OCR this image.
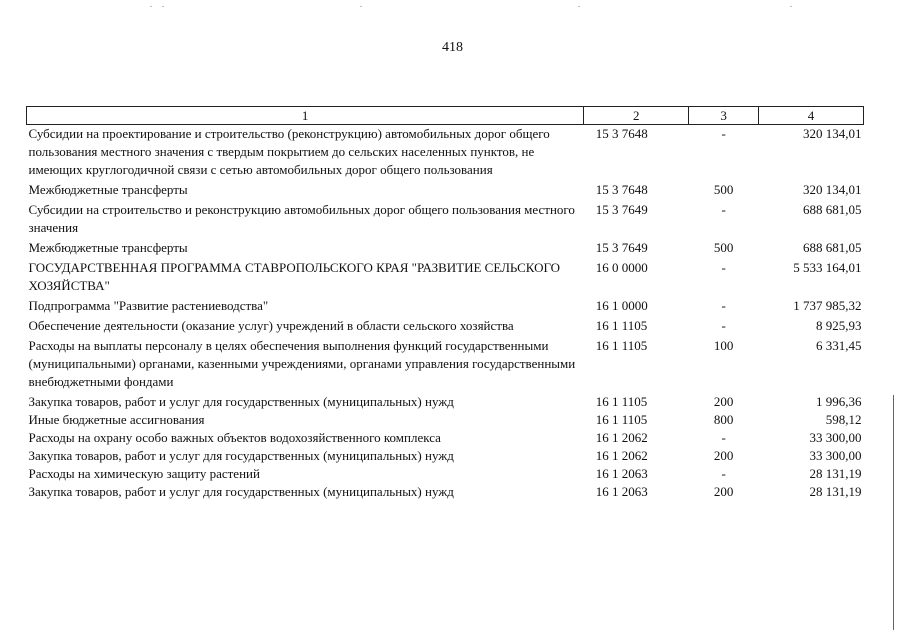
418
1	2	3	4
Субсидии на проектирование и строительство (реконструкцию) автомобильных дорог общего пользования местного значения с твердым покрытием до сельских населенных пунктов, не имеющих круглогодичной связи с сетью автомобильных дорог общего пользования	15 3 7648	-	320 134,01
Межбюджетные трансферты	15 3 7648	500	320 134,01
Субсидии на строительство и реконструкцию автомобильных дорог общего пользования местного значения	15 3 7649	-	688 681,05
Межбюджетные трансферты	15 3 7649	500	688 681,05
ГОСУДАРСТВЕННАЯ ПРОГРАММА СТАВРОПОЛЬСКОГО КРАЯ "РАЗВИТИЕ СЕЛЬСКОГО ХОЗЯЙСТВА"	16 0 0000	-	5 533 164,01
Подпрограмма "Развитие растениеводства"	16 1 0000	-	1 737 985,32
Обеспечение деятельности (оказание услуг) учреждений в области сельского хозяйства	16 1 1105	-	8 925,93
Расходы на выплаты персоналу в целях обеспечения выполнения функций государственными (муниципальными) органами, казенными учреждениями, органами управления государственными внебюджетными фондами	16 1 1105	100	6 331,45
Закупка товаров, работ и услуг для государственных (муниципальных) нужд	16 1 1105	200	1 996,36
Иные бюджетные ассигнования	16 1 1105	800	598,12
Расходы на охрану особо важных объектов водохозяйственного комплекса	16 1 2062	-	33 300,00
Закупка товаров, работ и услуг для государственных (муниципальных) нужд	16 1 2062	200	33 300,00
Расходы на химическую защиту растений	16 1 2063	-	28 131,19
Закупка товаров, работ и услуг для государственных (муниципальных) нужд	16 1 2063	200	28 131,19
